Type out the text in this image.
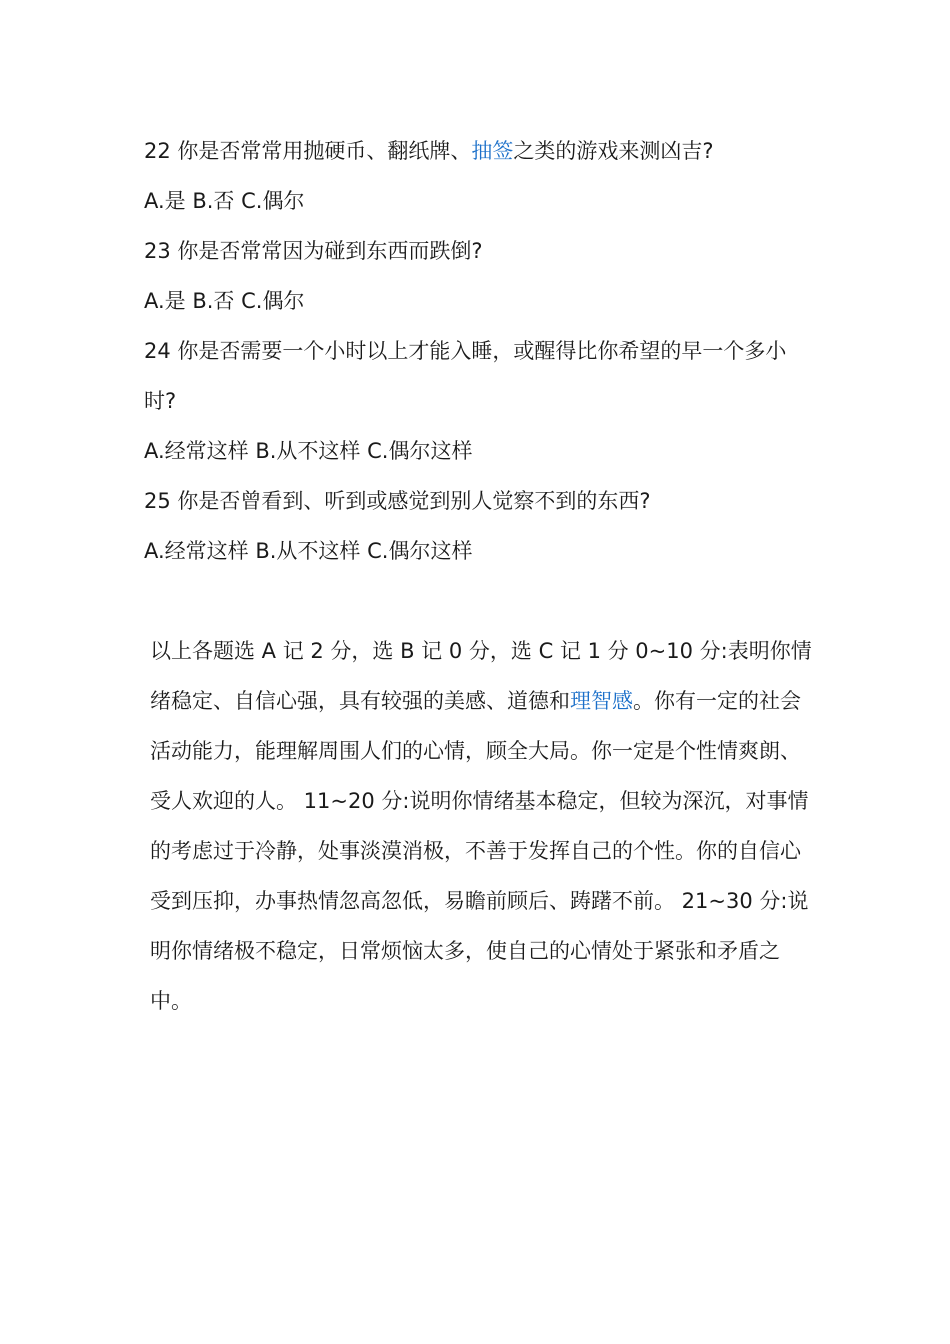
22 你是否常常用抛硬币、翻纸牌、抽签之类的游戏来测凶吉?

A.是 B.否 C.偶尔

23 你是否常常因为碰到东西而跌倒?

A.是 B.否 C.偶尔

24 你是否需要一个小时以上才能入睡，或醒得比你希望的早一个多小时?

A.经常这样 B.从不这样 C.偶尔这样

25 你是否曾看到、听到或感觉到别人觉察不到的东西?

A.经常这样 B.从不这样 C.偶尔这样

以上各题选 A 记 2 分，选 B 记 0 分，选 C 记 1 分 0~10 分:表明你情绪稳定、自信心强，具有较强的美感、道德和理智感。你有一定的社会活动能力，能理解周围人们的心情，顾全大局。你一定是个性情爽朗、受人欢迎的人。 11~20 分:说明你情绪基本稳定，但较为深沉，对事情的考虑过于冷静，处事淡漠消极，不善于发挥自己的个性。你的自信心受到压抑，办事热情忽高忽低，易瞻前顾后、踌躇不前。 21~30 分:说明你情绪极不稳定，日常烦恼太多，使自己的心情处于紧张和矛盾之中。
